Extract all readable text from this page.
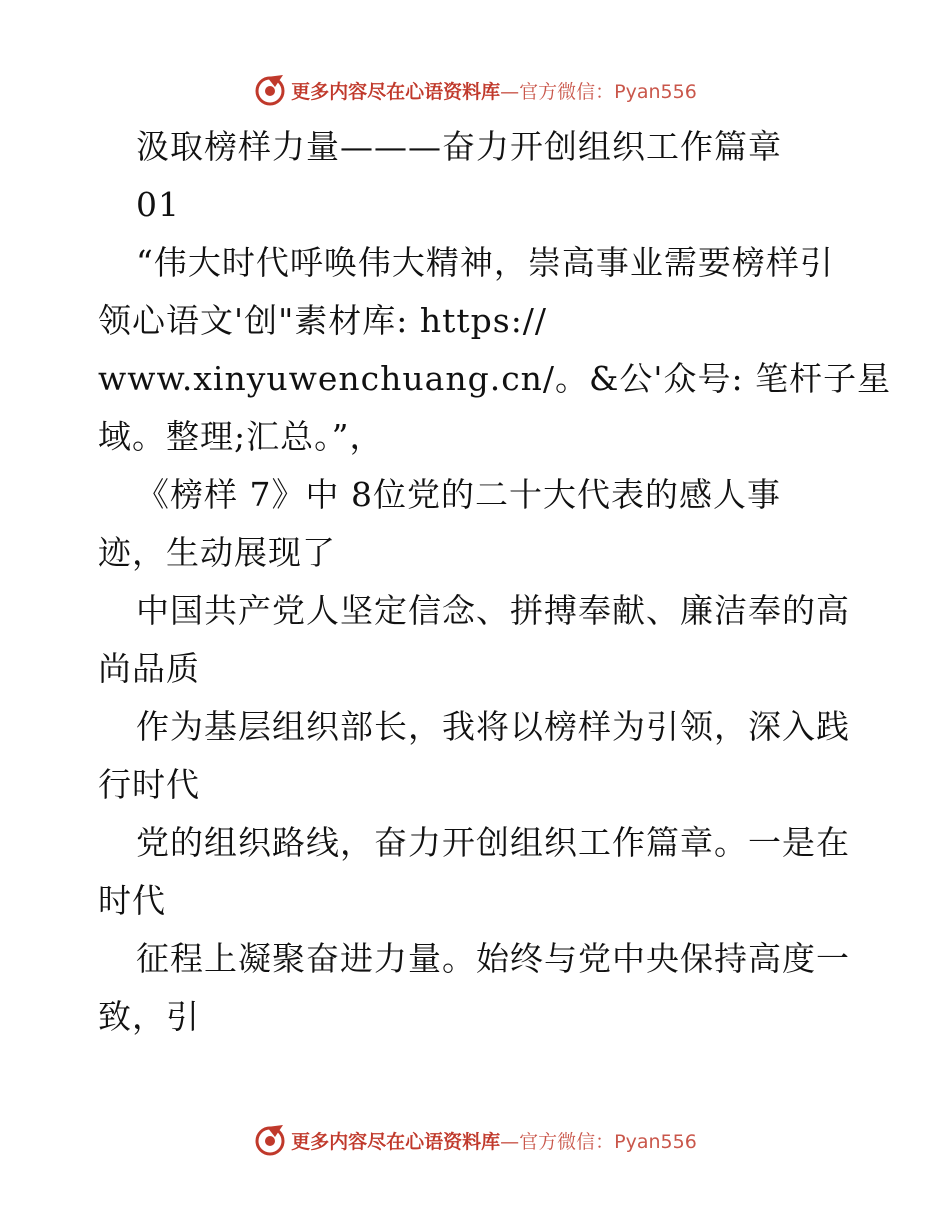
更多内容尽在心语资料库 —官方微信：Pyan556
汲取榜样力量———奋力开创组织工作篇章
01
“伟大时代呼唤伟大精神，崇高事业需要榜样引
领心语文'创"素材库: https://
www.xinyuwenchuang.cn/。&公'众号: 笔杆子星
域。整理;汇总。”，
《榜样 7》中 8位党的二十大代表的感人事
迹，生动展现了
中国共产党人坚定信念、拼搏奉献、廉洁奉的高
尚品质
作为基层组织部长，我将以榜样为引领，深入践
行时代
党的组织路线，奋力开创组织工作篇章。一是在
时代
征程上凝聚奋进力量。始终与党中央保持高度一
致，引
更多内容尽在心语资料库 —官方微信：Pyan556
